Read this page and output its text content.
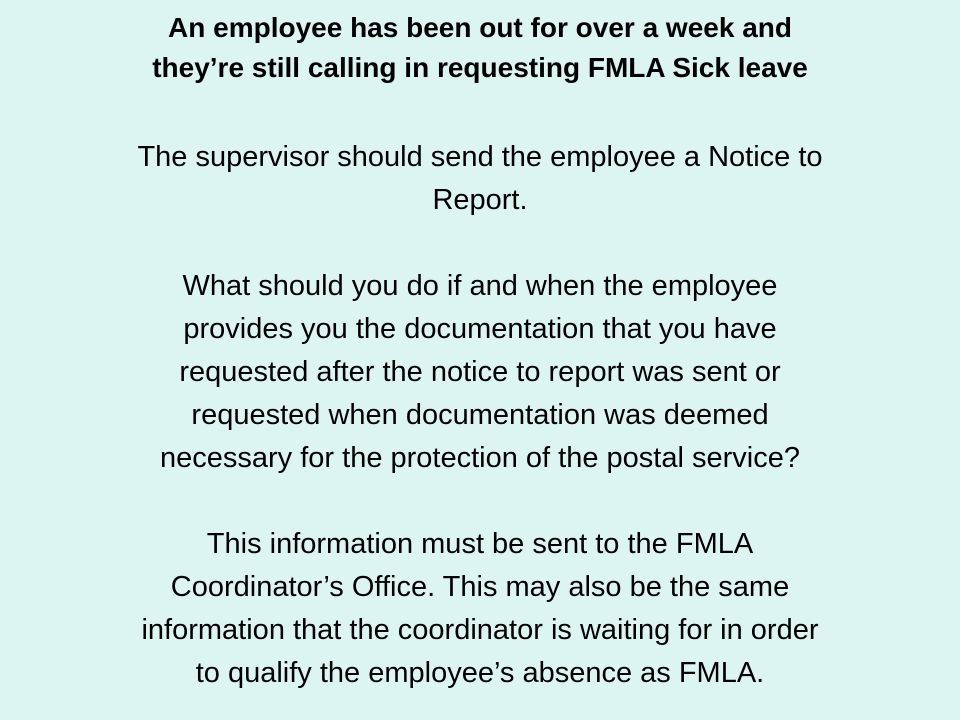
An employee has been out for over a week and
they’re still calling in requesting FMLA Sick leave

The supervisor should send the employee a Notice to
Report.

What should you do if and when the employee
provides you the documentation that you have
requested after the notice to report was sent or
requested when documentation was deemed
necessary for the protection of the postal service?

This information must be sent to the FMLA
Coordinator’s Office. This may also be the same
information that the coordinator is waiting for in order
to qualify the employee’s absence as FMLA.
